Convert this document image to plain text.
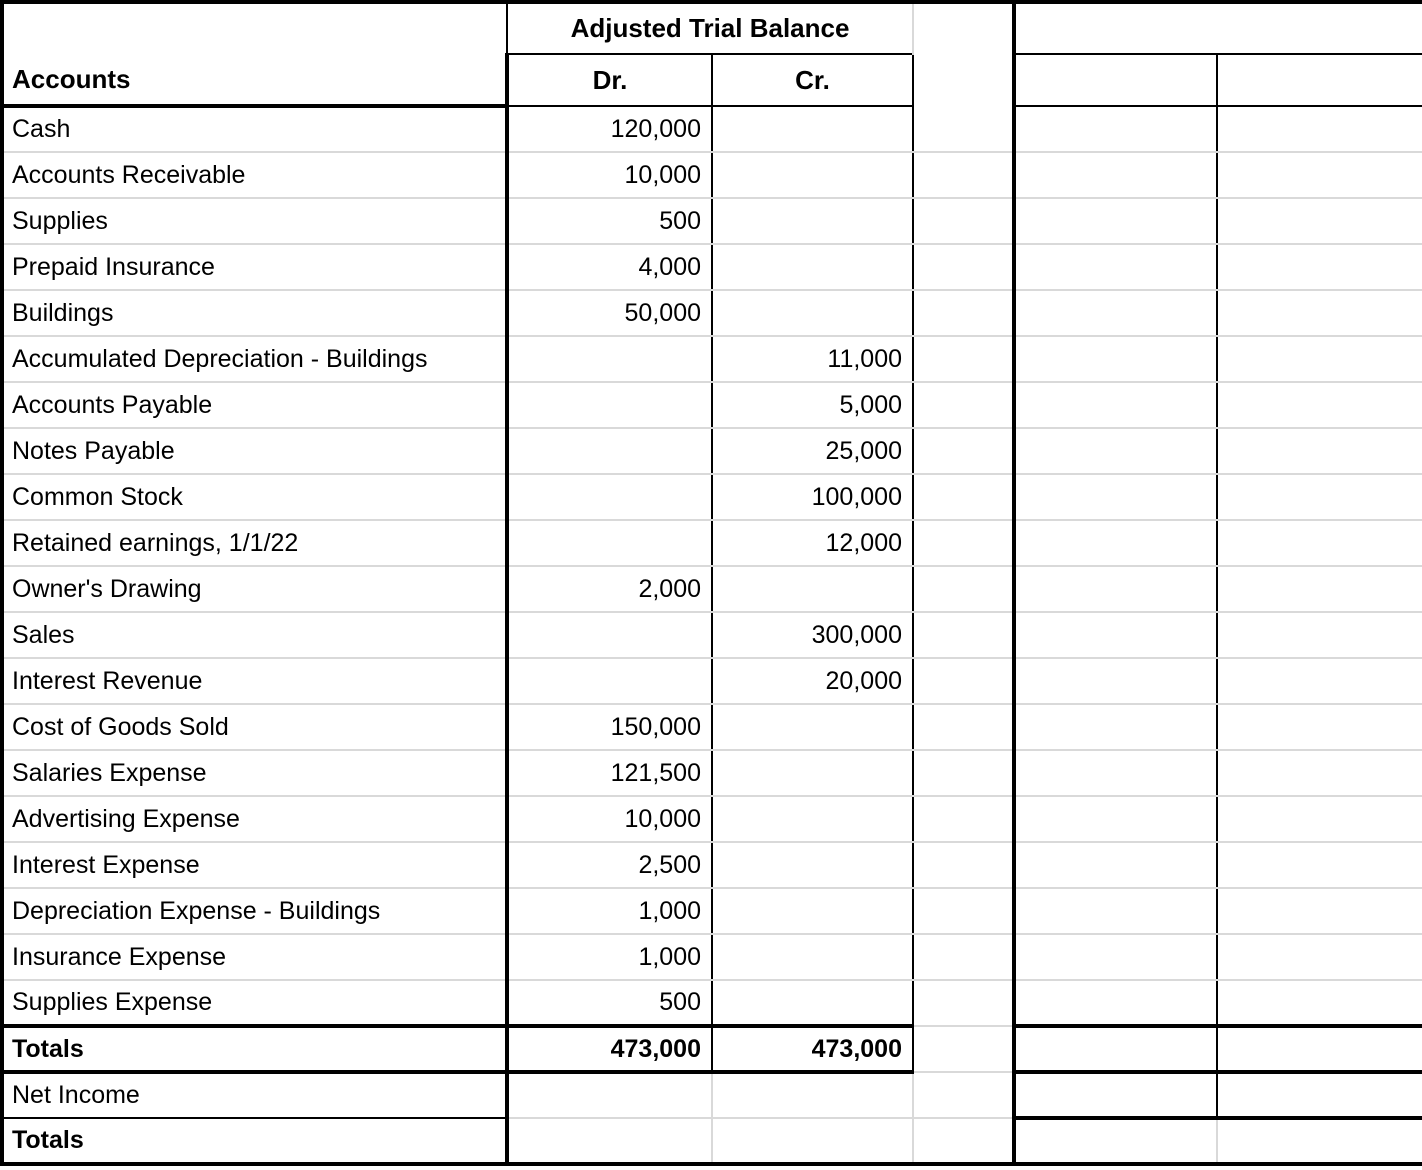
	Adjusted Trial Balance				
Accounts	Dr.	Cr.			
Cash	120,000				
Accounts Receivable	10,000				
Supplies	500				
Prepaid Insurance	4,000				
Buildings	50,000				
Accumulated Depreciation - Buildings		11,000			
Accounts Payable		5,000			
Notes Payable		25,000			
Common Stock		100,000			
Retained earnings, 1/1/22		12,000			
Owner's Drawing	2,000				
Sales		300,000			
Interest Revenue		20,000			
Cost of Goods Sold	150,000				
Salaries Expense	121,500				
Advertising Expense	10,000				
Interest Expense	2,500				
Depreciation Expense - Buildings	1,000				
Insurance Expense	1,000				
Supplies Expense	500				
Totals	473,000	473,000			
Net Income					
Totals					
